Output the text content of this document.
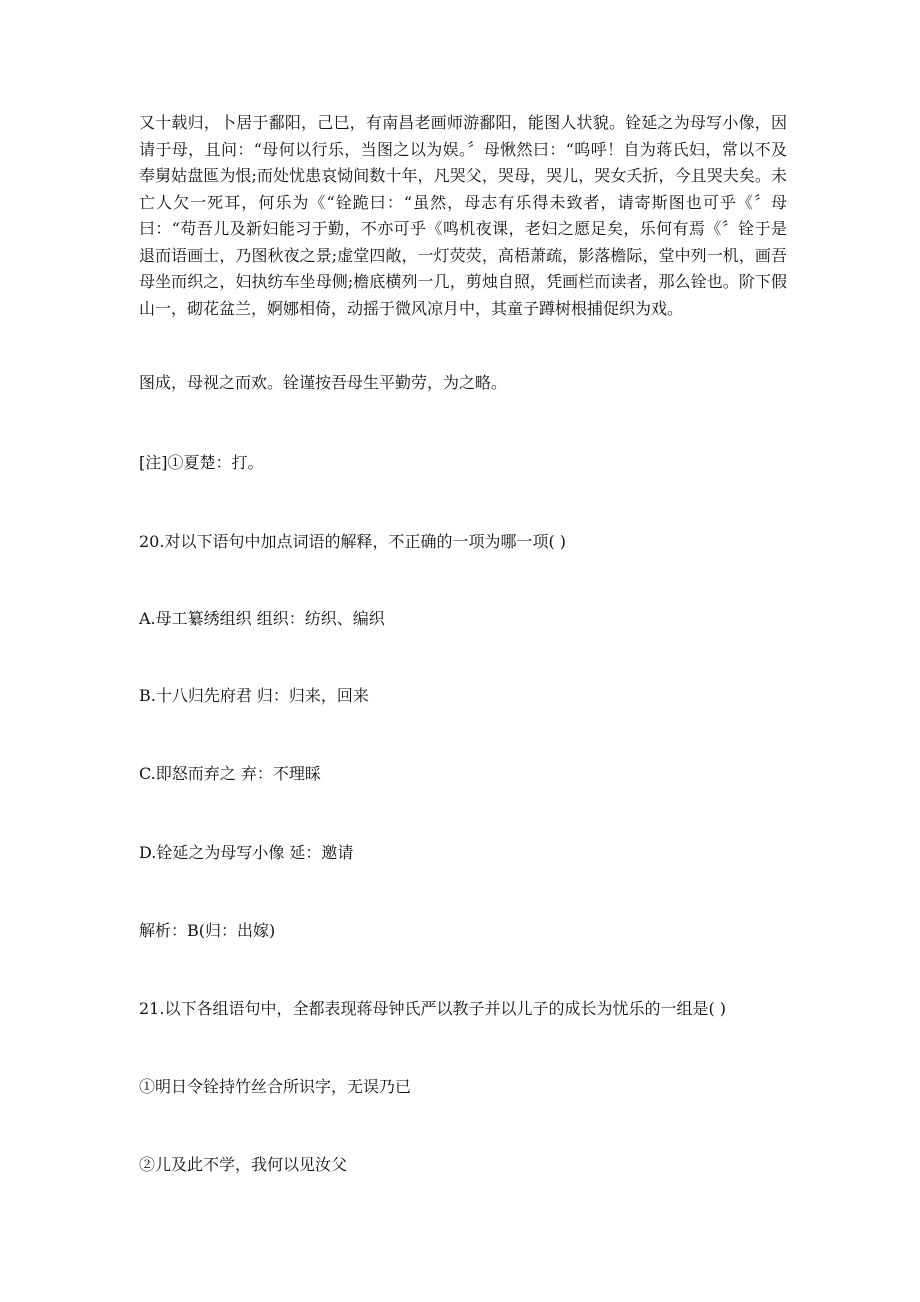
又十载归，卜居于鄱阳，己巳，有南昌老画师游鄱阳，能图人状貌。铨延之为母写小像，因请于母，且问：“母何以行乐，当图之以为娱。〞母愀然曰：“呜呼！自为蒋氏妇，常以不及奉舅姑盘匜为恨;而处忧患哀恸间数十年，凡哭父，哭母，哭儿，哭女夭折，今且哭夫矣。未亡人欠一死耳，何乐为《“铨跪曰：“虽然，母志有乐得未致者，请寄斯图也可乎《〞母曰：“苟吾儿及新妇能习于勤，不亦可乎《鸣机夜课，老妇之愿足矣，乐何有焉《〞铨于是退而语画士，乃图秋夜之景;虚堂四敞，一灯荧荧，高梧萧疏，影落檐际，堂中列一机，画吾母坐而织之，妇执纺车坐母侧;檐底横列一几，剪烛自照，凭画栏而读者，那么铨也。阶下假山一，砌花盆兰，婀娜相倚，动摇于微风凉月中，其童子蹲树根捕促织为戏。

图成，母视之而欢。铨谨按吾母生平勤劳，为之略。

[注]①夏楚：打。

20.对以下语句中加点词语的解释，不正确的一项为哪一项( )

A.母工纂绣组织 组织：纺织、编织

B.十八归先府君 归：归来，回来

C.即怒而弃之 弃：不理睬

D.铨延之为母写小像 延：邀请

解析：B(归：出嫁)

21.以下各组语句中，全都表现蒋母钟氏严以教子并以儿子的成长为忧乐的一组是( )

①明日令铨持竹丝合所识字，无误乃已

②儿及此不学，我何以见汝父
